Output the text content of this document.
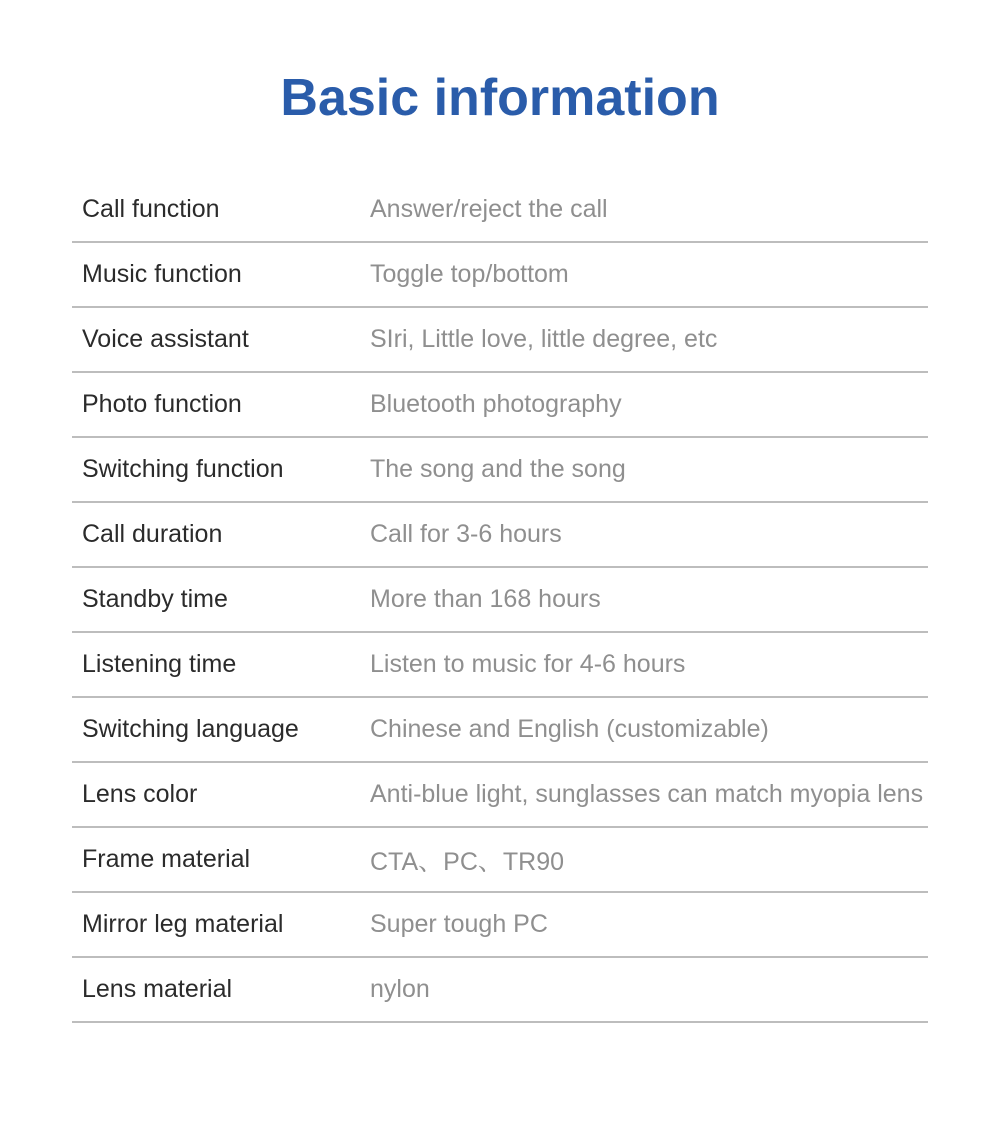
Basic information
Call function	Answer/reject the call
Music function	Toggle top/bottom
Voice assistant	SIri, Little love, little degree, etc
Photo function	Bluetooth photography
Switching function	The song and the song
Call duration	Call for 3-6 hours
Standby time	More than 168 hours
Listening time	Listen to music for 4-6 hours
Switching language	Chinese and English (customizable)
Lens color	Anti-blue light, sunglasses can match myopia lens
Frame material	CTA、PC、TR90
Mirror leg material	Super tough PC
Lens material	nylon
